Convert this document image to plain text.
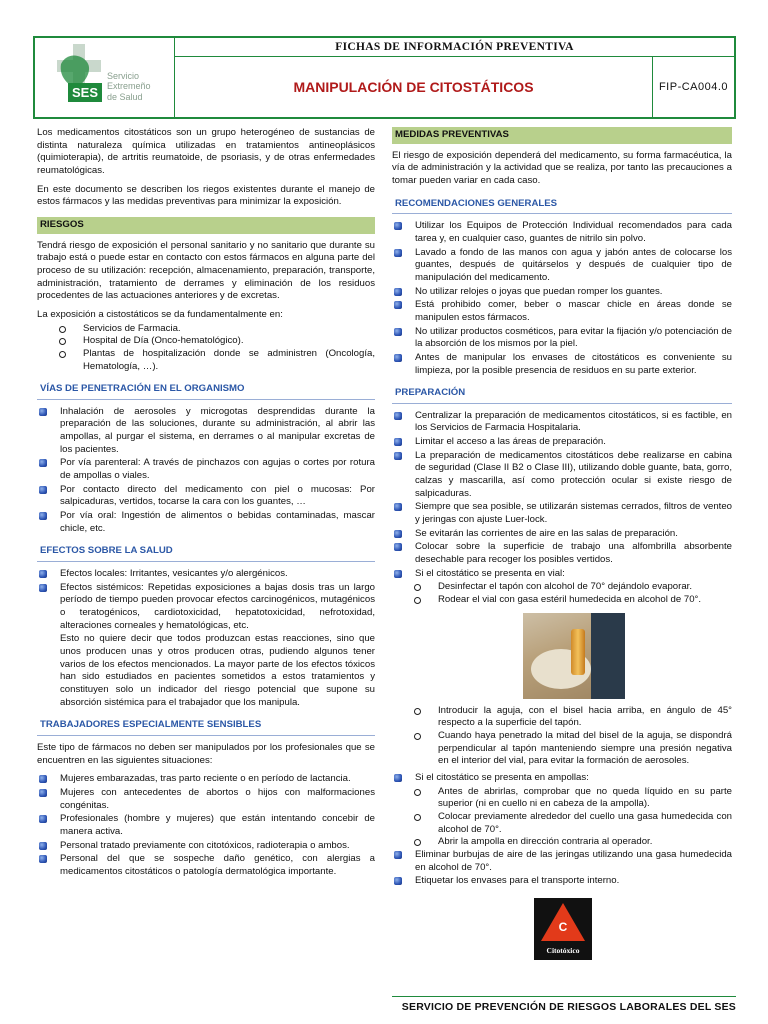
SES
Servicio
Extremeño
de Salud
FICHAS DE INFORMACIÓN PREVENTIVA
MANIPULACIÓN DE CITOSTÁTICOS	FIP-CA004.0

Los medicamentos citostáticos son un grupo heterogéneo de sustancias de distinta naturaleza química utilizadas en tratamientos antineoplásicos (quimioterapia), de artritis reumatoide, de psoriasis, y de otras enfermedades reumatológicas.

En este documento se describen los riegos existentes durante el manejo de estos fármacos y las medidas preventivas para minimizar la exposición.

RIESGOS

Tendrá riesgo de exposición el personal sanitario y no sanitario que durante su trabajo está o puede estar en contacto con estos fármacos en alguna parte del proceso de su utilización: recepción, almacenamiento, preparación, transporte, administración, tratamiento de derrames y eliminación de los residuos procedentes de las actuaciones anteriores y de excretas.

La exposición a cistostáticos se da fundamentalmente en:

Servicios de Farmacia.
Hospital de Día (Onco-hematológico).
Plantas de hospitalización donde se administren (Oncología, Hematología, …).
VÍAS DE PENETRACIÓN EN EL ORGANISMO
Inhalación de aerosoles y microgotas desprendidas durante la preparación de las soluciones, durante su administración, al abrir las ampollas, al purgar el sistema, en derrames o al manipular excretas de los pacientes.
Por vía parenteral: A través de pinchazos con agujas o cortes por rotura de ampollas o viales.
Por contacto directo del medicamento con piel o mucosas: Por salpicaduras, vertidos, tocarse la cara con los guantes, …
Por vía oral: Ingestión de alimentos o bebidas contaminadas, mascar chicle, etc.
EFECTOS SOBRE LA SALUD
Efectos locales: Irritantes, vesicantes y/o alergénicos.
Efectos sistémicos: Repetidas exposiciones a bajas dosis tras un largo período de tiempo pueden provocar efectos carcinogénicos, mutagénicos o teratogénicos, cardiotoxicidad, hepatotoxicidad, nefrotoxidad, alteraciones corneales y hematológicas, etc.

Esto no quiere decir que todos produzcan estas reacciones, sino que unos producen unas y otros producen otras, pudiendo algunos tener varios de los efectos mencionados. La mayor parte de los efectos tóxicos han sido estudiados en pacientes sometidos a estos tratamientos y constituyen solo un indicador del riesgo potencial que supone su absorción sistémica para el trabajador que los manipula.

TRABAJADORES ESPECIALMENTE SENSIBLES

Este tipo de fármacos no deben ser manipulados por los profesionales que se encuentren en las siguientes situaciones:

Mujeres embarazadas, tras parto reciente o en período de lactancia.
Mujeres con antecedentes de abortos o hijos con malformaciones congénitas.
Profesionales (hombre y mujeres) que están intentando concebir de manera activa.
Personal tratado previamente con citotóxicos, radioterapia o ambos.
Personal del que se sospeche daño genético, con alergias a medicamentos citostáticos o patología dermatológica importante.
MEDIDAS PREVENTIVAS

El riesgo de exposición dependerá del medicamento, su forma farmacéutica, la vía de administración y la actividad que se realiza, por tanto las precauciones a tomar pueden variar en cada caso.

RECOMENDACIONES GENERALES
Utilizar los Equipos de Protección Individual recomendados para cada tarea y, en cualquier caso, guantes de nitrilo sin polvo.
Lavado a fondo de las manos con agua y jabón antes de colocarse los guantes, después de quitárselos y después de cualquier tipo de manipulación del medicamento.
No utilizar relojes o joyas que puedan romper los guantes.
Está prohibido comer, beber o mascar chicle en áreas donde se manipulen estos fármacos.
No utilizar productos cosméticos, para evitar la fijación y/o potenciación de la absorción de los mismos por la piel.
Antes de manipular los envases de citostáticos es conveniente su limpieza, por la posible presencia de residuos en su parte exterior.
PREPARACIÓN
Centralizar la preparación de medicamentos citostáticos, si es factible, en los Servicios de Farmacia Hospitalaria.
Limitar el acceso a las áreas de preparación.
La preparación de medicamentos citostáticos debe realizarse en cabina de seguridad (Clase II B2 o Clase III), utilizando doble guante, bata, gorro, calzas y mascarilla, así como protección ocular si existe riesgo de salpicaduras.
Siempre que sea posible, se utilizarán sistemas cerrados, filtros de venteo y jeringas con ajuste Luer-lock.
Se evitarán las corrientes de aire en las salas de preparación.
Colocar sobre la superficie de trabajo una alfombrilla absorbente desechable para recoger los posibles vertidos.
Si el citostático se presenta en vial:
Desinfectar el tapón con alcohol de 70° dejándolo evaporar.
Rodear el vial con gasa estéril humedecida en alcohol de 70°.
Introducir la aguja, con el bisel hacia arriba, en ángulo de 45° respecto a la superficie del tapón.
Cuando haya penetrado la mitad del bisel de la aguja, se dispondrá perpendicular al tapón manteniendo siempre una presión negativa en el interior del vial, para evitar la formación de aerosoles.
Si el citostático se presenta en ampollas:
Antes de abrirlas, comprobar que no queda líquido en su parte superior (ni en cuello ni en cabeza de la ampolla).
Colocar previamente alrededor del cuello una gasa humedecida con alcohol de 70°.
Abrir la ampolla en dirección contraria al operador.
Eliminar burbujas de aire de las jeringas utilizando una gasa humedecida en alcohol de 70°.
Etiquetar los envases para el transporte interno.
C
Citotóxico
SERVICIO DE PREVENCIÓN DE RIESGOS LABORALES DEL SES
